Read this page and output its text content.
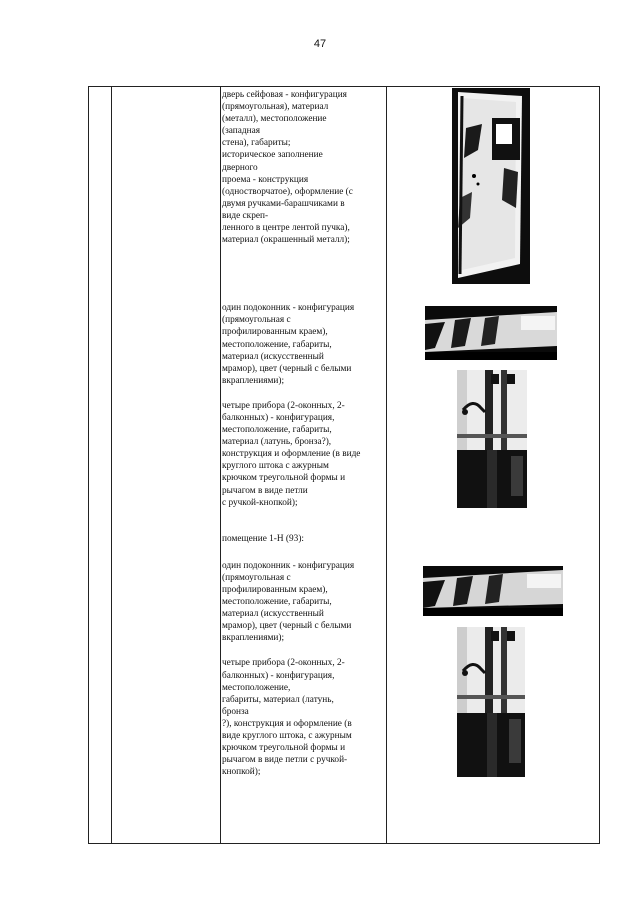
47

дверь сейфовая - конфигурация

(прямоугольная), материал

(металл), местоположение

(западная

стена), габариты;

историческое заполнение

дверного

проема - конструкция

(одностворчатое), оформление (с

двумя ручками-барашчиками в

виде скреп-

ленного в центре лентой пучка),

материал (окрашенный металл);

один подоконник - конфигурация

(прямоугольная с

профилированным краем),

местоположение, габариты,

материал (искусственный

мрамор), цвет (черный с белыми

вкраплениями);

четыре прибора (2-оконных, 2-

балконных) - конфигурация,

местоположение, габариты,

материал (латунь, бронза?),

конструкция и оформление (в виде

круглого штока с ажурным

крючком треугольной формы и

рычагом в виде петли

с ручкой-кнопкой);

помещение 1-Н (93):

один подоконник - конфигурация

(прямоугольная с

профилированным краем),

местоположение, габариты,

материал (искусственный

мрамор), цвет (черный с белыми

вкраплениями);

четыре прибора (2-оконных, 2-

балконных) - конфигурация,

местоположение,

габариты, материал (латунь,

бронза

?), конструкция и оформление (в

виде круглого штока, с ажурным

крючком треугольной формы и

рычагом в виде петли с ручкой-

кнопкой);
